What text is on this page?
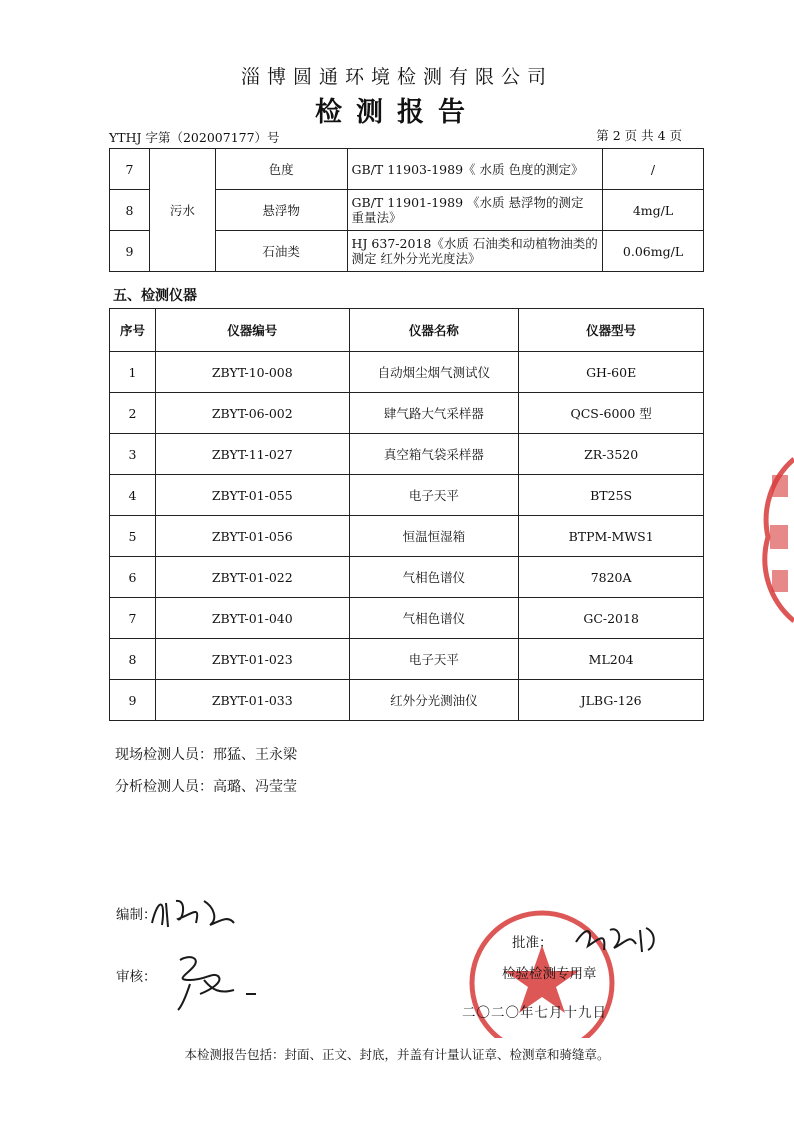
淄博圆通环境检测有限公司
检测报告
YTHJ 字第（202007177）号	第 2 页 共 4 页
7	污水	色度	GB/T 11903-1989《 水质 色度的测定》	/
8		悬浮物	GB/T 11901-1989 《水质 悬浮物的测定 重量法》	4mg/L
9		石油类	HJ 637-2018《水质 石油类和动植物油类的测定 红外分光光度法》	0.06mg/L
五、检测仪器
序号	仪器编号	仪器名称	仪器型号
1	ZBYT-10-008	自动烟尘烟气测试仪	GH-60E
2	ZBYT-06-002	肆气路大气采样器	QCS-6000 型
3	ZBYT-11-027	真空箱气袋采样器	ZR-3520
4	ZBYT-01-055	电子天平	BT25S
5	ZBYT-01-056	恒温恒湿箱	BTPM-MWS1
6	ZBYT-01-022	气相色谱仪	7820A
7	ZBYT-01-040	气相色谱仪	GC-2018
8	ZBYT-01-023	电子天平	ML204
9	ZBYT-01-033	红外分光测油仪	JLBG-126
现场检测人员：邢猛、王永梁
分析检测人员：高璐、冯莹莹
编制：
审核：
批准：
检验检测专用章
二〇二〇年七月十九日
本检测报告包括：封面、正文、封底，并盖有计量认证章、检测章和骑缝章。
